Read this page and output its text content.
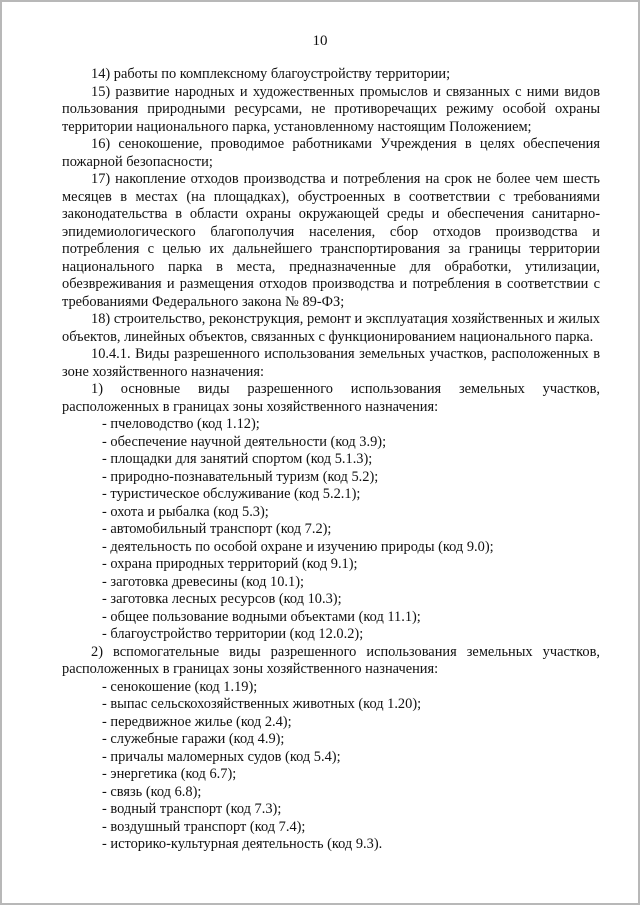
10

14) работы по комплексному благоустройству территории;

15) развитие народных и художественных промыслов и связанных с ними видов пользования природными ресурсами, не противоречащих режиму особой охраны территории национального парка, установленному настоящим Положением;

16) сенокошение, проводимое работниками Учреждения в целях обеспечения пожарной безопасности;

17) накопление отходов производства и потребления на срок не более чем шесть месяцев в местах (на площадках), обустроенных в соответствии с требованиями законодательства в области охраны окружающей среды и обеспечения санитарно-эпидемиологического благополучия населения, сбор отходов производства и потребления с целью их дальнейшего транспортирования за границы территории национального парка в места, предназначенные для обработки, утилизации, обезвреживания и размещения отходов производства и потребления в соответствии с требованиями Федерального закона № 89-ФЗ;

18) строительство, реконструкция, ремонт и эксплуатация хозяйственных и жилых объектов, линейных объектов, связанных с функционированием национального парка.

10.4.1. Виды разрешенного использования земельных участков, расположенных в зоне хозяйственного назначения:

1) основные виды разрешенного использования земельных участков, расположенных в границах зоны хозяйственного назначения:

- пчеловодство (код 1.12);
- обеспечение научной деятельности (код 3.9);
- площадки для занятий спортом (код 5.1.3);
- природно-познавательный туризм (код 5.2);
- туристическое обслуживание (код 5.2.1);
- охота и рыбалка (код 5.3);
- автомобильный транспорт (код 7.2);
- деятельность по особой охране и изучению природы (код 9.0);
- охрана природных территорий (код 9.1);
- заготовка древесины (код 10.1);
- заготовка лесных ресурсов (код 10.3);
- общее пользование водными объектами (код 11.1);
- благоустройство территории (код 12.0.2);

2) вспомогательные виды разрешенного использования земельных участков, расположенных в границах зоны хозяйственного назначения:

- сенокошение (код 1.19);
- выпас сельскохозяйственных животных (код 1.20);
- передвижное жилье (код 2.4);
- служебные гаражи (код 4.9);
- причалы маломерных судов (код 5.4);
- энергетика (код 6.7);
- связь (код 6.8);
- водный транспорт (код 7.3);
- воздушный транспорт (код 7.4);
- историко-культурная деятельность (код 9.3).
